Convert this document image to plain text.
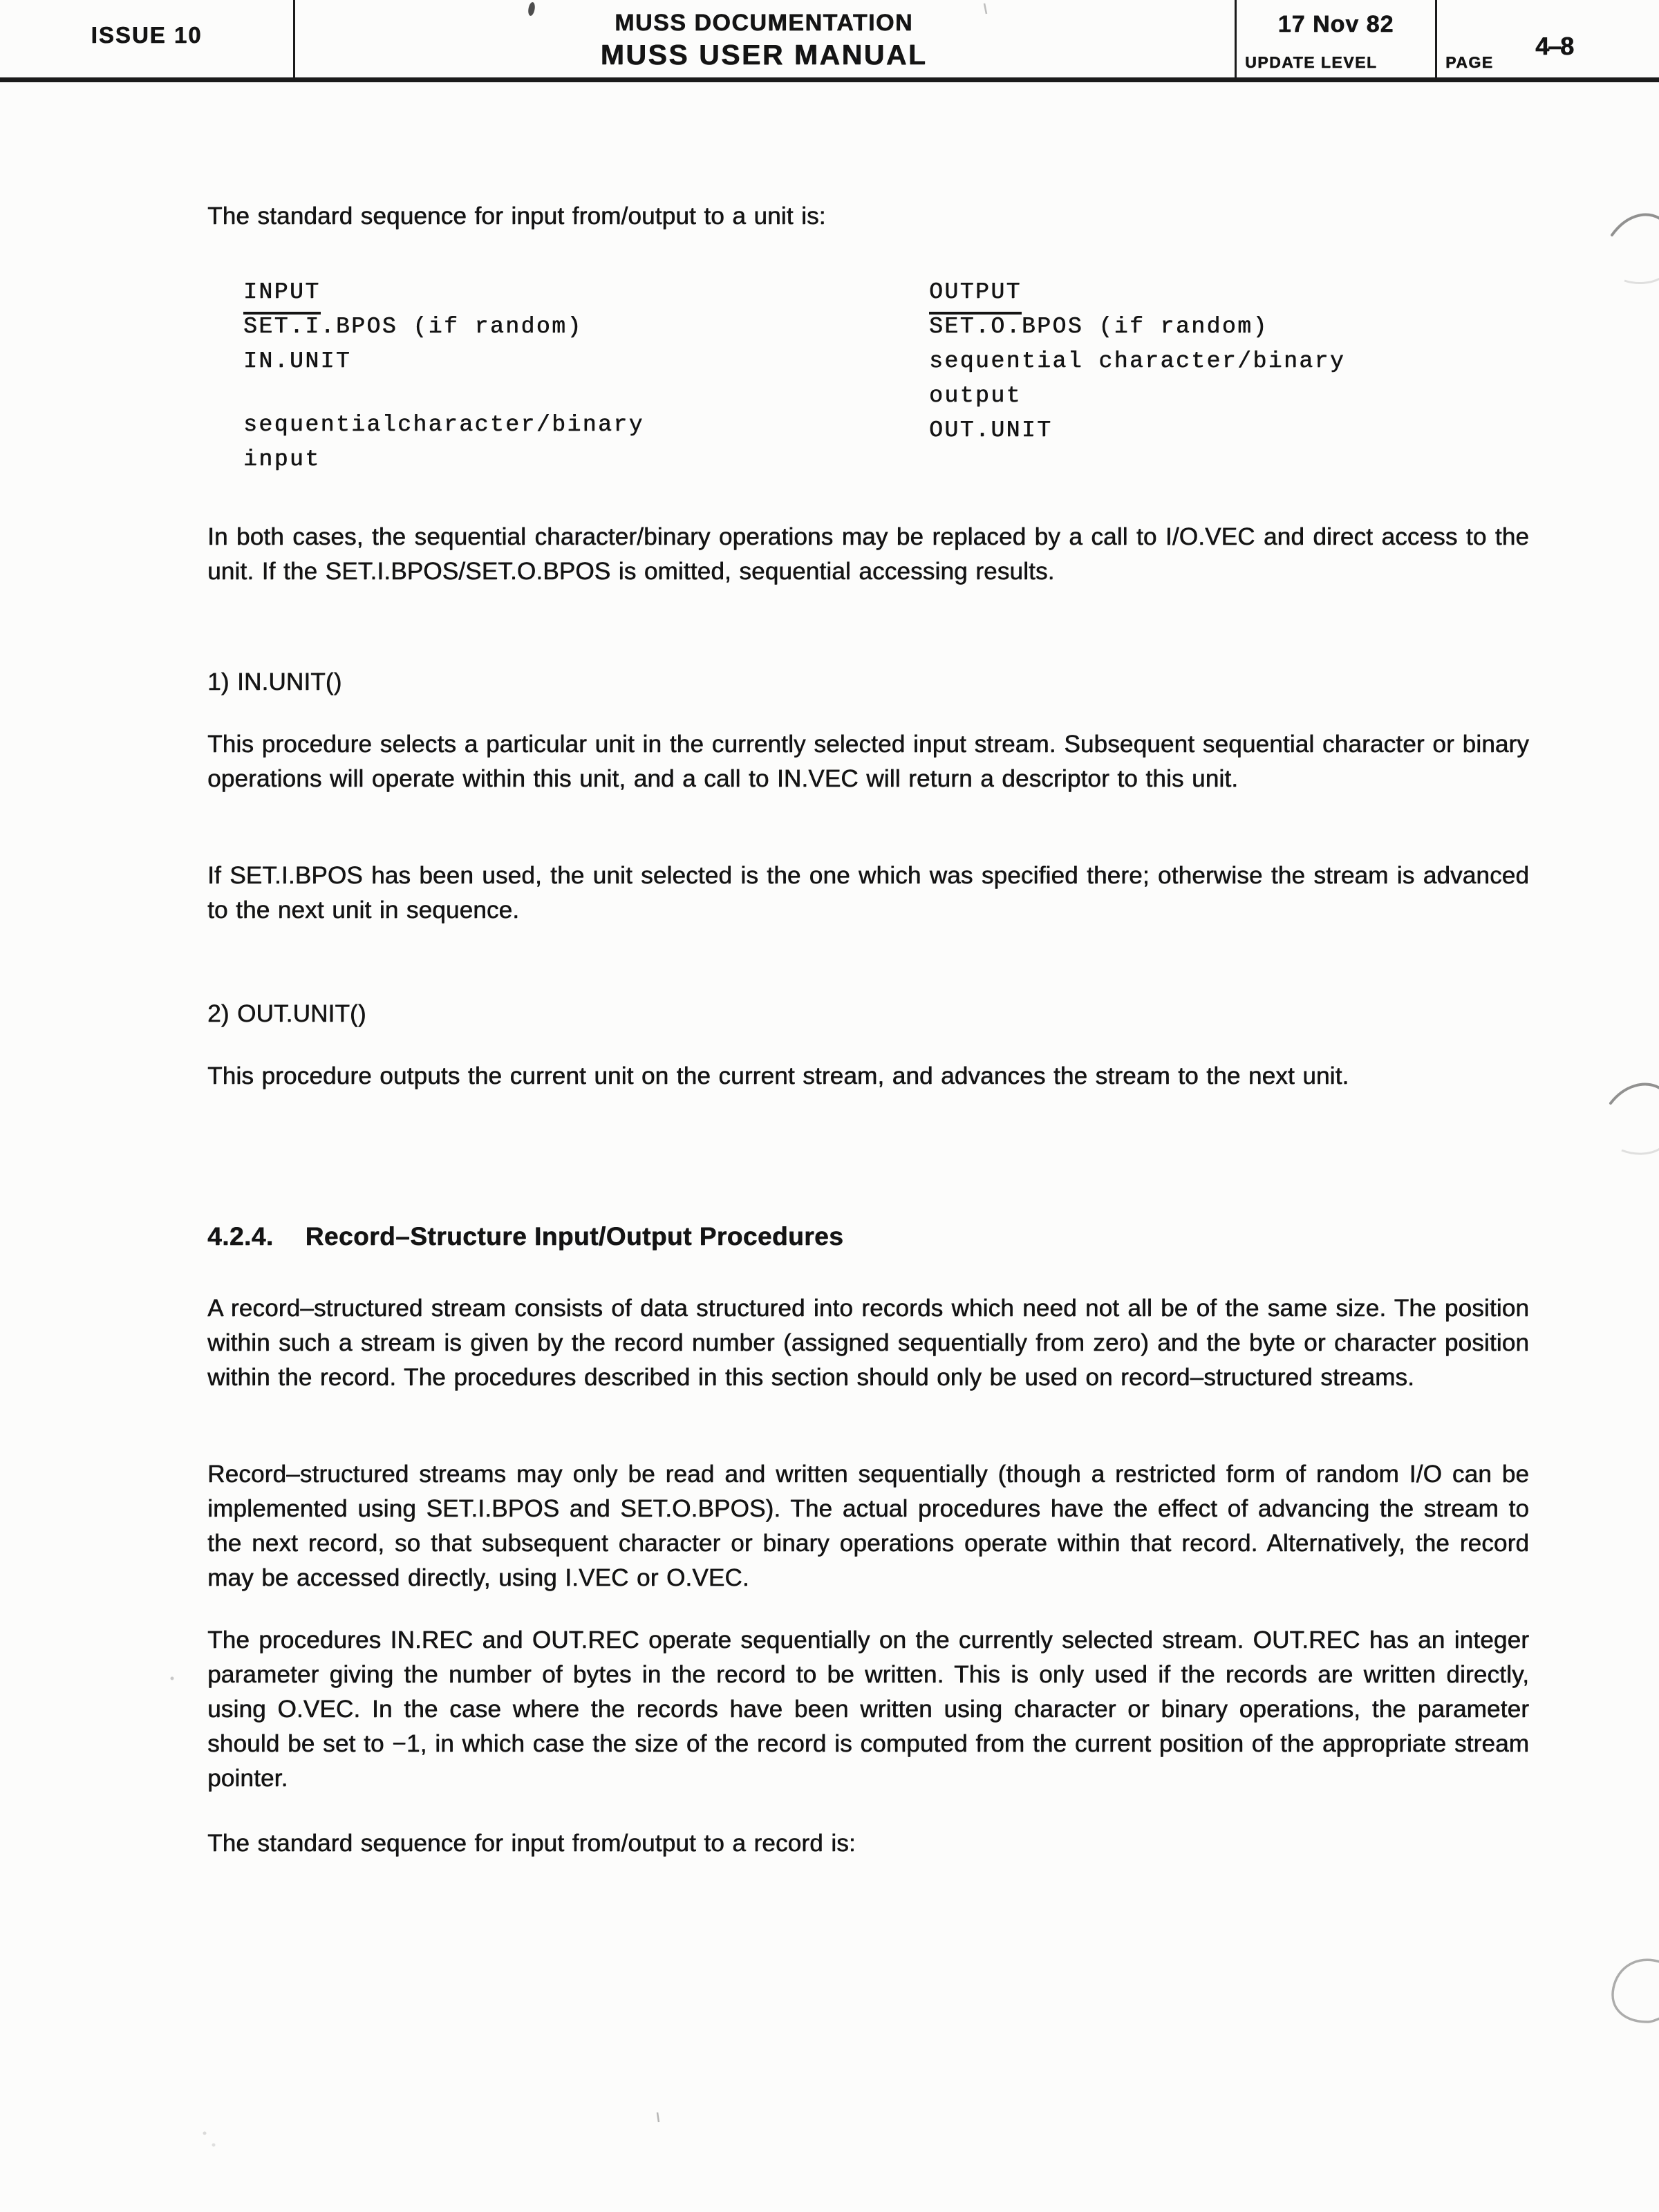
ISSUE 10	MUSS DOCUMENTATION
MUSS USER MANUAL
17 Nov 82
UPDATE LEVEL
4–8
PAGE

The standard sequence for input from/output to a unit is:

INPUT
SET.I.BPOS (if random)
IN.UNIT
sequentialcharacter/binary
input
OUTPUT
SET.O.BPOS (if random)
sequential character/binary
output
OUT.UNIT

In both cases, the sequential character/binary operations may be replaced by a call to I/O.VEC and direct access to the unit. If the SET.I.BPOS/SET.O.BPOS is omitted, sequential accessing results.

1) IN.UNIT()

This procedure selects a particular unit in the currently selected input stream. Subsequent sequential character or binary operations will operate within this unit, and a call to IN.VEC will return a descriptor to this unit.

If SET.I.BPOS has been used, the unit selected is the one which was specified there; otherwise the stream is advanced to the next unit in sequence.

2) OUT.UNIT()

This procedure outputs the current unit on the current stream, and advances the stream to the next unit.

4.2.4. Record–Structure Input/Output Procedures

A record–structured stream consists of data structured into records which need not all be of the same size. The position within such a stream is given by the record number (assigned sequentially from zero) and the byte or character position within the record. The procedures described in this section should only be used on record–structured streams.

Record–structured streams may only be read and written sequentially (though a restricted form of random I/O can be implemented using SET.I.BPOS and SET.O.BPOS). The actual procedures have the effect of advancing the stream to the next record, so that subsequent character or binary operations operate within that record. Alternatively, the record may be accessed directly, using I.VEC or O.VEC.

The procedures IN.REC and OUT.REC operate sequentially on the currently selected stream. OUT.REC has an integer parameter giving the number of bytes in the record to be written. This is only used if the records are written directly, using O.VEC. In the case where the records have been written using character or binary operations, the parameter should be set to −1, in which case the size of the record is computed from the current position of the appropriate stream pointer.

The standard sequence for input from/output to a record is:
